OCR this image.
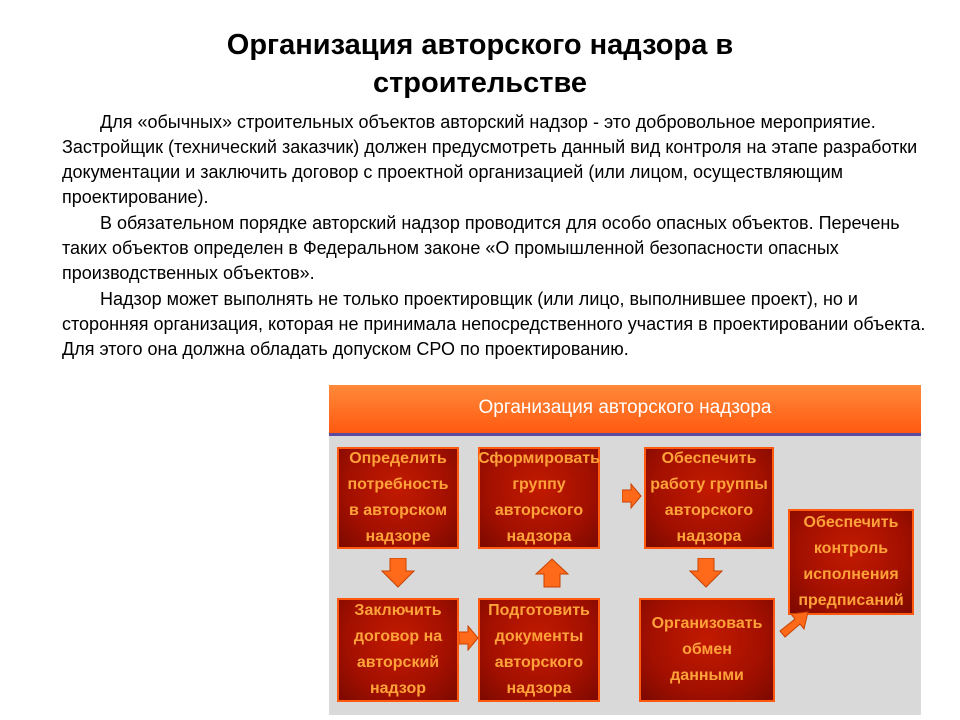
Организация авторского надзора в
строительстве

Для «обычных» строительных объектов авторский надзор - это добровольное мероприятие. Застройщик (технический заказчик) должен предусмотреть данный вид контроля на этапе разработки документации и заключить договор с проектной организацией (или лицом, осуществляющим проектирование).

В обязательном порядке авторский надзор проводится для особо опасных объектов. Перечень таких объектов определен в Федеральном законе «О промышленной безопасности опасных производственных объектов».

Надзор может выполнять не только проектировщик (или лицо, выполнившее проект), но и сторонняя организация, которая не принимала непосредственного участия в проектировании объекта. Для этого она должна обладать допуском СРО по проектированию.

Организация авторского надзора
Определить
потребность
в авторском
надзоре
Сформировать
группу
авторского
надзора
Обеспечить
работу группы
авторского
надзора
Обеспечить
контроль
исполнения
предписаний
Заключить
договор на
авторский
надзор
Подготовить
документы
авторского
надзора
Организовать
обмен
данными
